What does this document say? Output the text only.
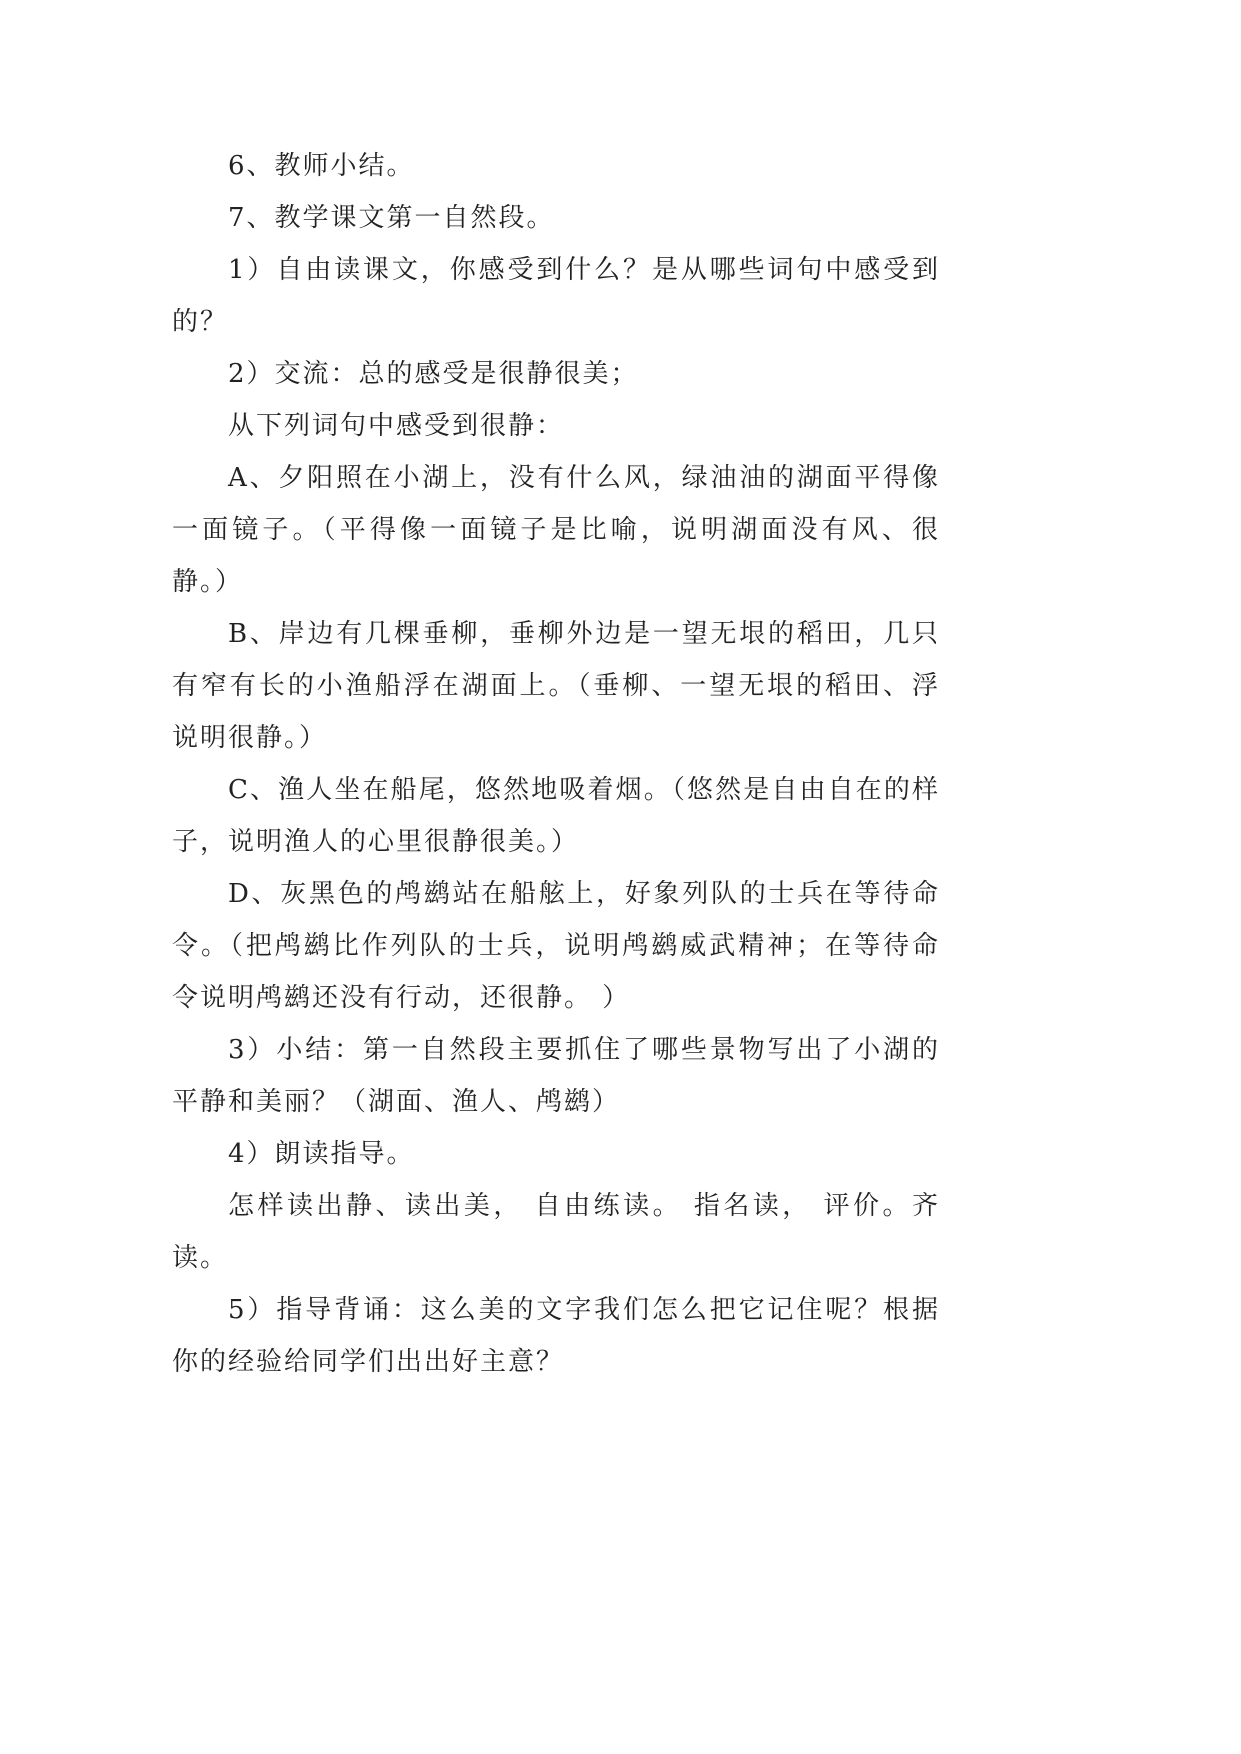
6、教师小结。

7、教学课文第一自然段。

1）自由读课文，你感受到什么？是从哪些词句中感受到的？

2）交流：总的感受是很静很美；

从下列词句中感受到很静：

A、夕阳照在小湖上，没有什么风，绿油油的湖面平得像一面镜子。（平得像一面镜子是比喻，说明湖面没有风、很静。）

B、岸边有几棵垂柳，垂柳外边是一望无垠的稻田，几只有窄有长的小渔船浮在湖面上。（垂柳、一望无垠的稻田、浮说明很静。）

C、渔人坐在船尾，悠然地吸着烟。（悠然是自由自在的样子，说明渔人的心里很静很美。）

D、灰黑色的鸬鹚站在船舷上，好象列队的士兵在等待命令。（把鸬鹚比作列队的士兵，说明鸬鹚威武精神；在等待命令说明鸬鹚还没有行动，还很静。 ）

3）小结：第一自然段主要抓住了哪些景物写出了小湖的平静和美丽？（湖面、渔人、鸬鹚）

4）朗读指导。

怎样读出静、读出美， 自由练读。 指名读， 评价。齐读。

5）指导背诵：这么美的文字我们怎么把它记住呢？根据你的经验给同学们出出好主意？
